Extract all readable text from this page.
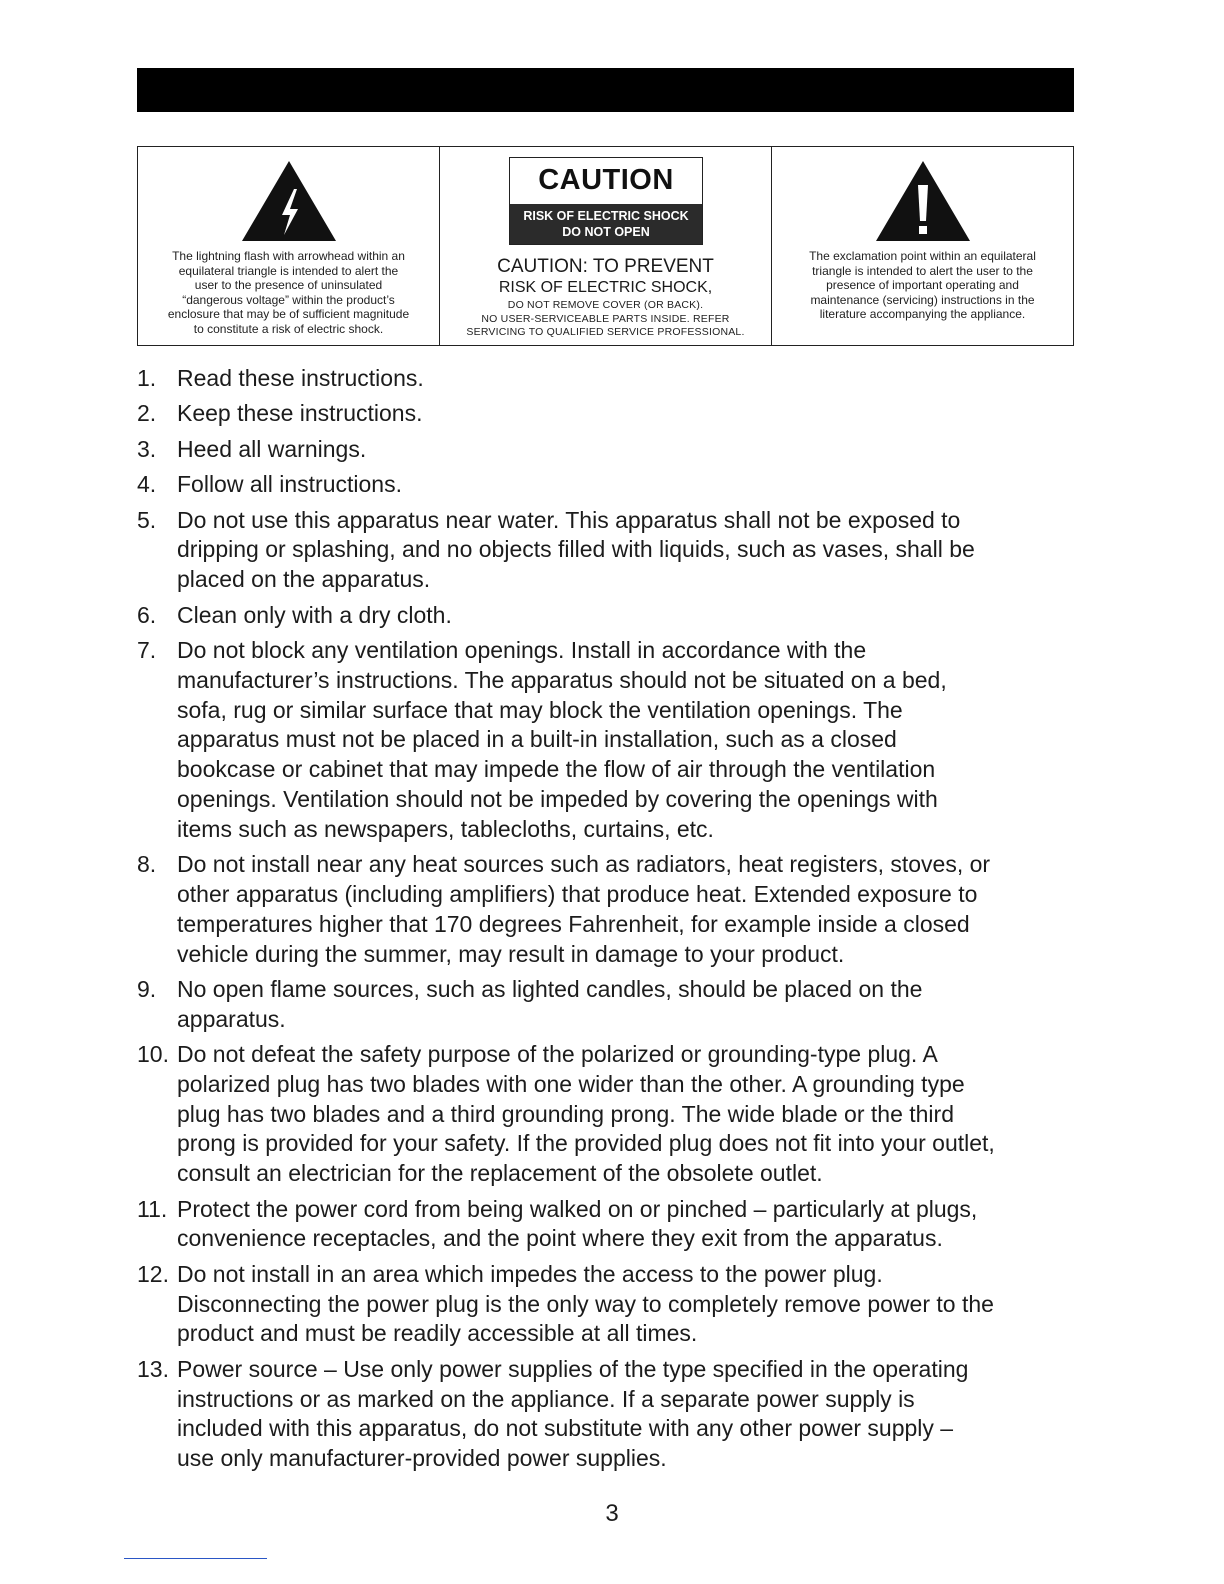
The lightning flash with arrowhead within an
equilateral triangle is intended to alert the
user to the presence of uninsulated
“dangerous voltage” within the product’s
enclosure that may be of sufficient magnitude
to constitute a risk of electric shock.
CAUTION
RISK OF ELECTRIC SHOCK
DO NOT OPEN
CAUTION: TO PREVENT
RISK OF ELECTRIC SHOCK,
DO NOT REMOVE COVER (OR BACK).
NO USER-SERVICEABLE PARTS INSIDE. REFER
SERVICING TO QUALIFIED SERVICE PROFESSIONAL.
The exclamation point within an equilateral
triangle is intended to alert the user to the
presence of important operating and
maintenance (servicing) instructions in the
literature accompanying the appliance.
1. Read these instructions.
2. Keep these instructions.
3. Heed all warnings.
4. Follow all instructions.
5. Do not use this apparatus near water. This apparatus shall not be exposed to
dripping or splashing, and no objects filled with liquids, such as vases, shall be
placed on the apparatus.
6. Clean only with a dry cloth.
7. Do not block any ventilation openings. Install in accordance with the
manufacturer’s instructions. The apparatus should not be situated on a bed,
sofa, rug or similar surface that may block the ventilation openings. The
apparatus must not be placed in a built-in installation, such as a closed
bookcase or cabinet that may impede the flow of air through the ventilation
openings. Ventilation should not be impeded by covering the openings with
items such as newspapers, tablecloths, curtains, etc.
8. Do not install near any heat sources such as radiators, heat registers, stoves, or
other apparatus (including amplifiers) that produce heat. Extended exposure to
temperatures higher that 170 degrees Fahrenheit, for example inside a closed
vehicle during the summer, may result in damage to your product.
9. No open flame sources, such as lighted candles, should be placed on the
apparatus.
10. Do not defeat the safety purpose of the polarized or grounding-type plug. A
polarized plug has two blades with one wider than the other. A grounding type
plug has two blades and a third grounding prong. The wide blade or the third
prong is provided for your safety. If the provided plug does not fit into your outlet,
consult an electrician for the replacement of the obsolete outlet.
11. Protect the power cord from being walked on or pinched – particularly at plugs,
convenience receptacles, and the point where they exit from the apparatus.
12. Do not install in an area which impedes the access to the power plug.
Disconnecting the power plug is the only way to completely remove power to the
product and must be readily accessible at all times.
13. Power source – Use only power supplies of the type specified in the operating
instructions or as marked on the appliance. If a separate power supply is
included with this apparatus, do not substitute with any other power supply –
use only manufacturer-provided power supplies.
3
